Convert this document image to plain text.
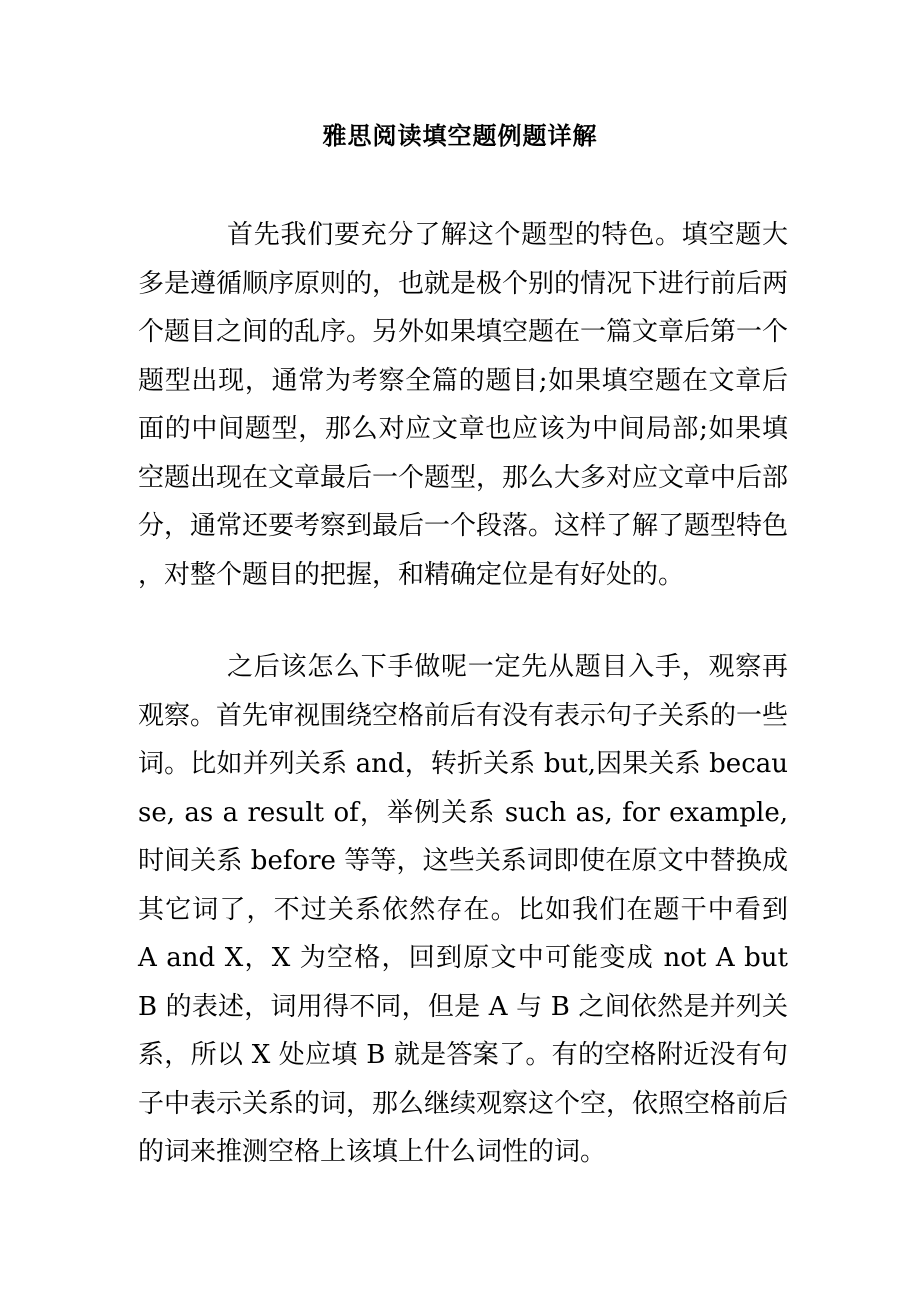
雅思阅读填空题例题详解

首先我们要充分了解这个题型的特色。填空题大多是遵循顺序原则的，也就是极个别的情况下进行前后两个题目之间的乱序。另外如果填空题在一篇文章后第一个题型出现，通常为考察全篇的题目;如果填空题在文章后面的中间题型，那么对应文章也应该为中间局部;如果填空题出现在文章最后一个题型，那么大多对应文章中后部分，通常还要考察到最后一个段落。这样了解了题型特色，对整个题目的把握，和精确定位是有好处的。

之后该怎么下手做呢一定先从题目入手，观察再观察。首先审视围绕空格前后有没有表示句子关系的一些词。比如并列关系 and，转折关系 but,因果关系 because, as a result of，举例关系 such as, for example, 时间关系 before 等等，这些关系词即使在原文中替换成其它词了，不过关系依然存在。比如我们在题干中看到 A and X，X 为空格，回到原文中可能变成 not A but B 的表述，词用得不同，但是 A 与 B 之间依然是并列关系，所以 X 处应填 B 就是答案了。有的空格附近没有句子中表示关系的词，那么继续观察这个空，依照空格前后的词来推测空格上该填上什么词性的词。
